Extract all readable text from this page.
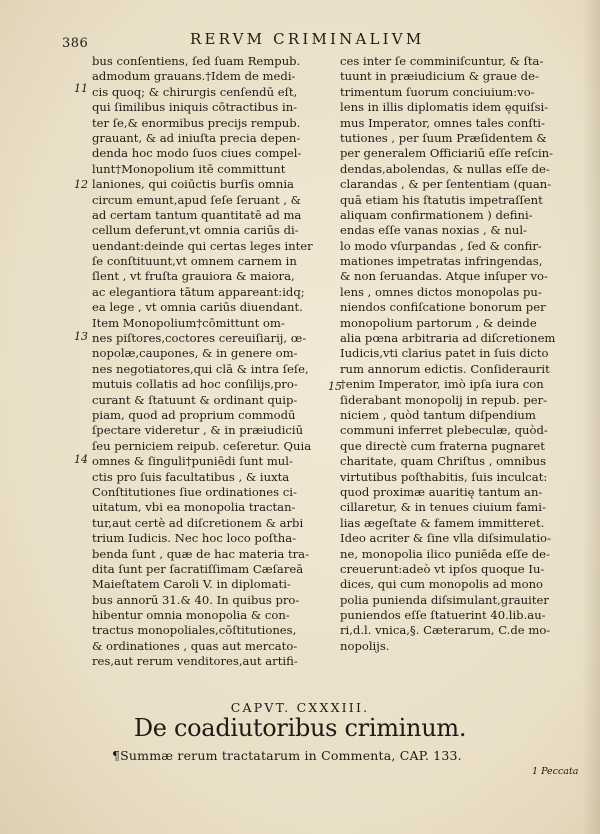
386	RERVM CRIMINALIVM
11
12
13
14
15
bus conſentiens, ſed ſuam Rempub.
admodum grauans.†Idem de medi-
cis quoq; & chirurgis cenſendū eſt,
qui ſimilibus iniquis cōtractibus in-
ter ſe,& enormibus precijs rempub.
grauant, & ad iniuſta precia depen-
denda hoc modo ſuos ciues compel-
lunt†Monopolium itē committunt
laniones, qui coiūctis burſis omnia
circum emunt,apud ſeſe ſeruant , &
ad certam tantum quantitatē ad ma
cellum deferunt,vt omnia cariūs di-
uendant:deinde qui certas leges inter
ſe conſtituunt,vt omnem carnem in
ſlent , vt fruſta grauiora & maiora,
ac elegantiora tātum appareant:idq;
ea lege , vt omnia cariūs diuendant.
Item Monopolium†cōmittunt om-
nes piſtores,coctores cereuiſiarij, œ-
nopolæ,caupones, & in genere om-
nes negotiatores,qui clā & intra ſeſe,
mutuis collatis ad hoc conſilijs,pro-
curant & ſtatuunt & ordinant quip-
piam, quod ad proprium commodū
ſpectare videretur , & in præiudiciū
ſeu perniciem reipub. ceſeretur. Quia
omnes & ſinguli†puniēdi ſunt mul-
ctis pro ſuis facultatibus , & iuxta
Conſtitutiones ſiue ordinationes ci-
uitatum, vbi ea monopolia tractan-
tur,aut certè ad diſcretionem & arbi
trium Iudicis. Nec hoc loco poſtha-
benda ſunt , quæ de hac materia tra-
dita ſunt per ſacratiſſimam Cæſareā
Maieſtatem Caroli V. in diplomati-
bus annorū 31.& 40. In quibus pro-
hibentur omnia monopolia & con-
tractus monopoliales,cōſtitutiones,
& ordinationes , quas aut mercato-
res,aut rerum venditores,aut artifi-
ces inter ſe comminiſcuntur, & ſta-
tuunt in præiudicium & graue de-
trimentum ſuorum conciuium:vo-
lens in illis diplomatis idem ęquiſsi-
mus Imperator, omnes tales conſti-
tutiones , per ſuum Præſidentem &
per generalem Officiariū eſſe reſcin-
dendas,abolendas, & nullas eſſe de-
clarandas , & per ſententiam (quan-
quā etiam his ſtatutis impetraſſent
aliquam confirmationem ) defini-
endas eſſe vanas noxias , & nul-
lo modo vſurpandas , ſed & confir-
mationes impetratas infringendas,
& non ſeruandas. Atque inſuper vo-
lens , omnes dictos monopolas pu-
niendos confiſcatione bonorum per
monopolium partorum , & deinde
alia pœna arbitraria ad diſcretionem
Iudicis,vti clarius patet in ſuis dicto
rum annorum edictis. Conſideraurit
†enim Imperator, imò ipſa iura con
ſiderabant monopolij in repub. per-
niciem , quòd tantum diſpendium
communi inferret plebeculæ, quòd-
que directè cum fraterna pugnaret
charitate, quam Chriſtus , omnibus
virtutibus poſthabitis, ſuis inculcat:
quod proximæ auaritię tantum an-
cillaretur, & in tenues ciuium fami-
lias ægeſtate & famem immitteret.
Ideo acriter & ſine vlla diſsimulatio-
ne, monopolia ilico puniēda eſſe de-
creuerunt:adeò vt ipſos quoque Iu-
dices, qui cum monopolis ad mono
polia punienda diſsimulant,grauiter
puniendos eſſe ſtatuerint 40.lib.au-
ri,d.l. vnica,§. Cæterarum, C.de mo-
nopolijs.
CAPVT. CXXXIII.
De coadiutoribus criminum.
¶Summæ rerum tractatarum in Commenta, CAP. 133.
1 Peccata
